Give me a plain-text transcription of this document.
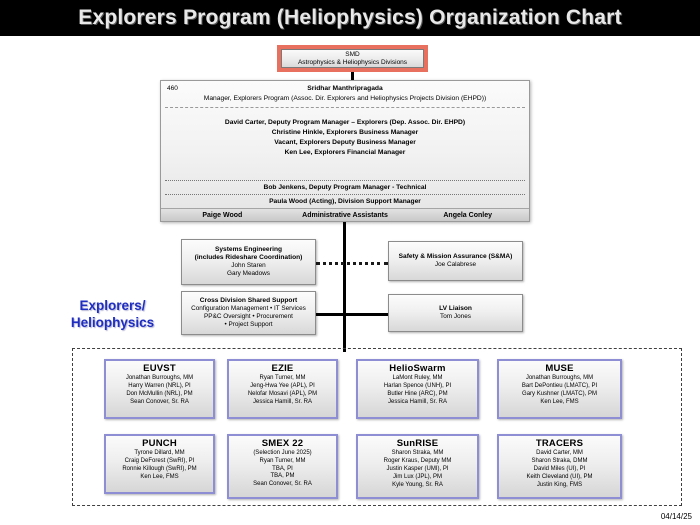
Explorers Program (Heliophysics) Organization Chart
SMD
Astrophysics & Heliophysics Divisions
460	Sridhar Manthripragada
Manager, Explorers Program (Assoc. Dir. Explorers and Heliophysics Projects Division (EHPD))
David Carter, Deputy Program Manager – Explorers (Dep. Assoc. Dir. EHPD)
Christine Hinkle, Explorers Business Manager
Vacant, Explorers Deputy Business Manager
Ken Lee, Explorers Financial Manager
Bob Jenkens, Deputy Program Manager - Technical
Paula Wood (Acting), Division Support Manager
Paige Wood	Administrative Assistants	Angela Conley
Systems Engineering
(includes Rideshare Coordination)
John Staren
Gary Meadows
Safety & Mission Assurance (S&MA)
Joe Calabrese
Cross Division Shared Support
Configuration Management • IT Services
PP&C Oversight • Procurement
• Project Support
LV Liaison
Tom Jones
Explorers/
Heliophysics
EUVST
Jonathan Burroughs, MM
Harry Warren (NRL), PI
Don McMullin (NRL), PM
Sean Conover, Sr. RA
EZIE
Ryan Turner, MM
Jeng-Hwa Yee (APL), PI
Nelofar Mosavi (APL), PM
Jessica Hamill, Sr. RA
HelioSwarm
LaMont Ruley, MM
Harlan Spence (UNH), PI
Butler Hine (ARC), PM
Jessica Hamill, Sr. RA
MUSE
Jonathan Burroughs, MM
Bart DePontieu (LMATC), PI
Gary Kushner (LMATC), PM
Ken Lee, FMS
PUNCH
Tyrone Dillard, MM
Craig DeForest (SwRI), PI
Ronnie Killough (SwRI), PM
Ken Lee, FMS
SMEX 22
(Selection June 2025)
Ryan Turner, MM
TBA, PI
TBA, PM
Sean Conover, Sr. RA
SunRISE
Sharon Straka, MM
Roger Kraus, Deputy MM
Justin Kasper (UMI), PI
Jim Lux (JPL), PM
Kyle Young, Sr. RA
TRACERS
David Carter, MM
Sharon Straka, DMM
David Miles (UI), PI
Keith Cleveland (UI), PM
Justin King, FMS
04/14/25
